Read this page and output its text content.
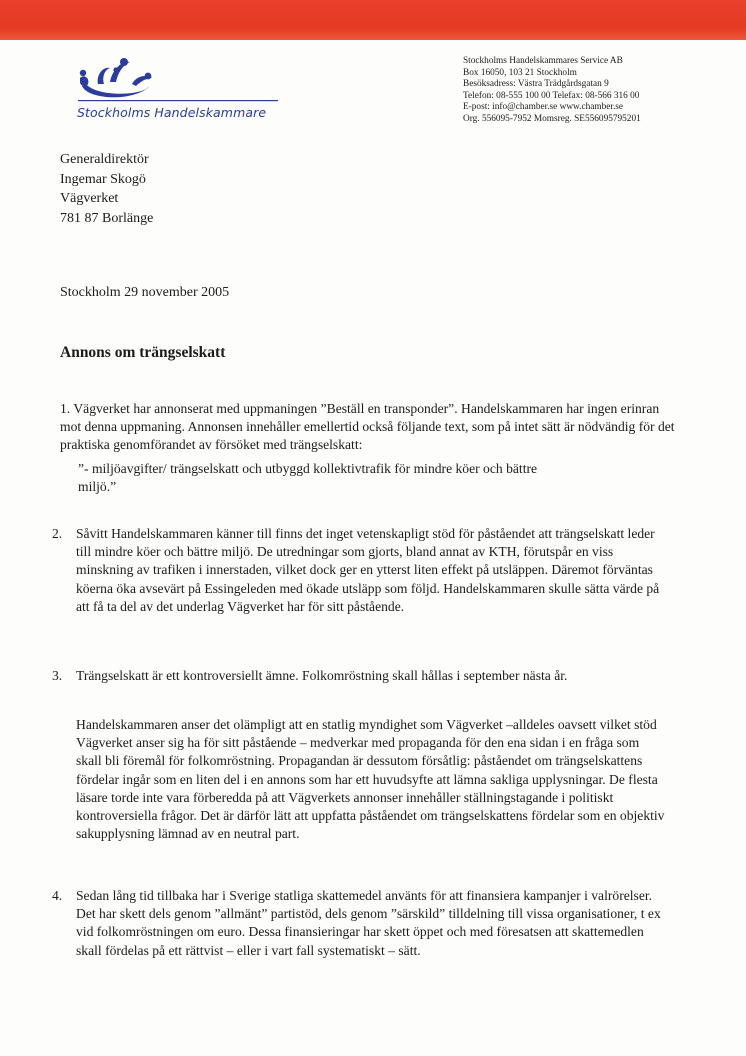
Stockholms Handelskammare
Stockholms Handelskammares Service AB
Box 16050, 103 21 Stockholm
Besöksadress: Västra Trädgårdsgatan 9
Telefon: 08-555 100 00 Telefax: 08-566 316 00
E-post: info@chamber.se www.chamber.se
Org. 556095-7952 Momsreg. SE556095795201
Generaldirektör
Ingemar Skogö
Vägverket
781 87 Borlänge
Stockholm 29 november 2005
Annons om trängselskatt
1. Vägverket har annonserat med uppmaningen ”Beställ en transponder”. Handelskammaren har ingen erinran mot denna uppmaning. Annonsen innehåller emellertid också följande text, som på intet sätt är nödvändig för det praktiska genomförandet av försöket med trängselskatt:
”- miljöavgifter/ trängselskatt och utbyggd kollektivtrafik för mindre köer och bättre miljö.”
2. Såvitt Handelskammaren känner till finns det inget vetenskapligt stöd för påståendet att trängselskatt leder till mindre köer och bättre miljö. De utredningar som gjorts, bland annat av KTH, förutspår en viss minskning av trafiken i innerstaden, vilket dock ger en ytterst liten effekt på utsläppen. Däremot förväntas köerna öka avsevärt på Essingeleden med ökade utsläpp som följd. Handelskammaren skulle sätta värde på att få ta del av det underlag Vägverket har för sitt påstående.
3. Trängselskatt är ett kontroversiellt ämne. Folkomröstning skall hållas i september nästa år.
Handelskammaren anser det olämpligt att en statlig myndighet som Vägverket –alldeles oavsett vilket stöd Vägverket anser sig ha för sitt påstående – medverkar med propaganda för den ena sidan i en fråga som skall bli föremål för folkomröstning. Propagandan är dessutom försåtlig: påståendet om trängselskattens fördelar ingår som en liten del i en annons som har ett huvudsyfte att lämna sakliga upplysningar. De flesta läsare torde inte vara förberedda på att Vägverkets annonser innehåller ställningstagande i politiskt kontroversiella frågor. Det är därför lätt att uppfatta påståendet om trängselskattens fördelar som en objektiv sakupplysning lämnad av en neutral part.
4. Sedan lång tid tillbaka har i Sverige statliga skattemedel använts för att finansiera kampanjer i valrörelser. Det har skett dels genom ”allmänt” partistöd, dels genom ”särskild” tilldelning till vissa organisationer, t ex vid folkomröstningen om euro. Dessa finansieringar har skett öppet och med föresatsen att skattemedlen skall fördelas på ett rättvist – eller i vart fall systematiskt – sätt.
